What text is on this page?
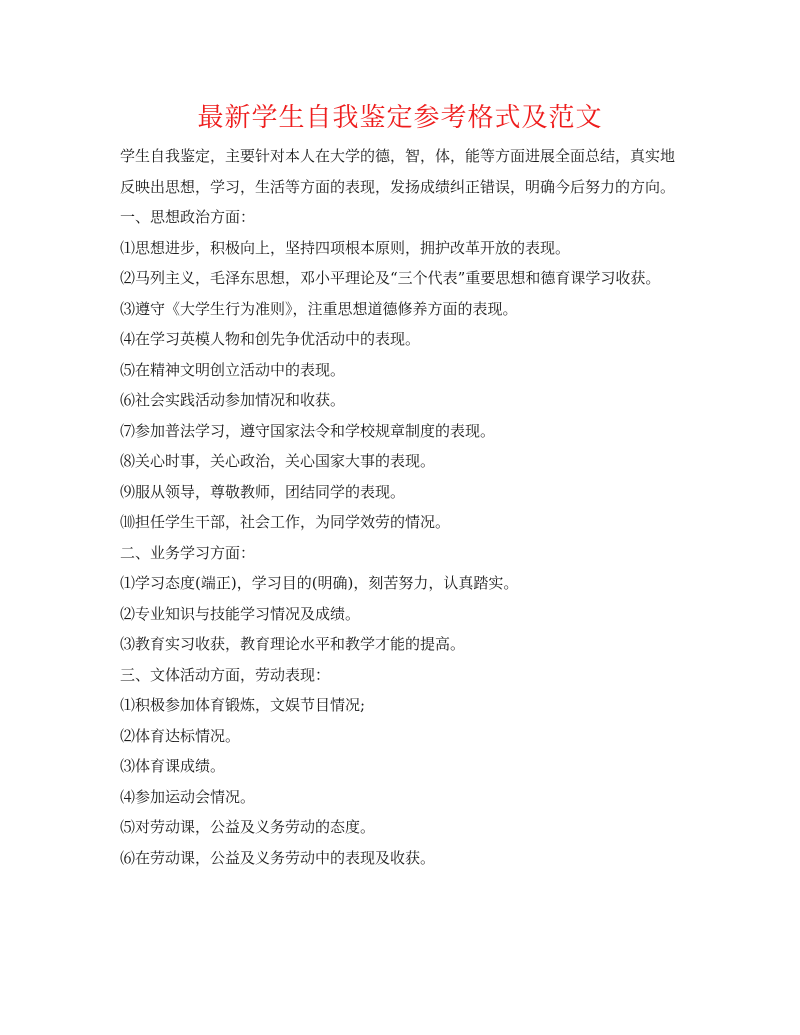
最新学生自我鉴定参考格式及范文

学生自我鉴定，主要针对本人在大学的德，智，体，能等方面进展全面总结，真实地反映出思想，学习，生活等方面的表现，发扬成绩纠正错误，明确今后努力的方向。

一、思想政治方面：

⑴思想进步，积极向上，坚持四项根本原则，拥护改革开放的表现。

⑵马列主义，毛泽东思想，邓小平理论及“三个代表”重要思想和德育课学习收获。

⑶遵守《大学生行为准则》，注重思想道德修养方面的表现。

⑷在学习英模人物和创先争优活动中的表现。

⑸在精神文明创立活动中的表现。

⑹社会实践活动参加情况和收获。

⑺参加普法学习，遵守国家法令和学校规章制度的表现。

⑻关心时事，关心政治，关心国家大事的表现。

⑼服从领导，尊敬教师，团结同学的表现。

⑽担任学生干部，社会工作，为同学效劳的情况。

二、业务学习方面：

⑴学习态度(端正)，学习目的(明确)，刻苦努力，认真踏实。

⑵专业知识与技能学习情况及成绩。

⑶教育实习收获，教育理论水平和教学才能的提高。

三、文体活动方面，劳动表现：

⑴积极参加体育锻炼，文娱节目情况;

⑵体育达标情况。

⑶体育课成绩。

⑷参加运动会情况。

⑸对劳动课，公益及义务劳动的态度。

⑹在劳动课，公益及义务劳动中的表现及收获。
